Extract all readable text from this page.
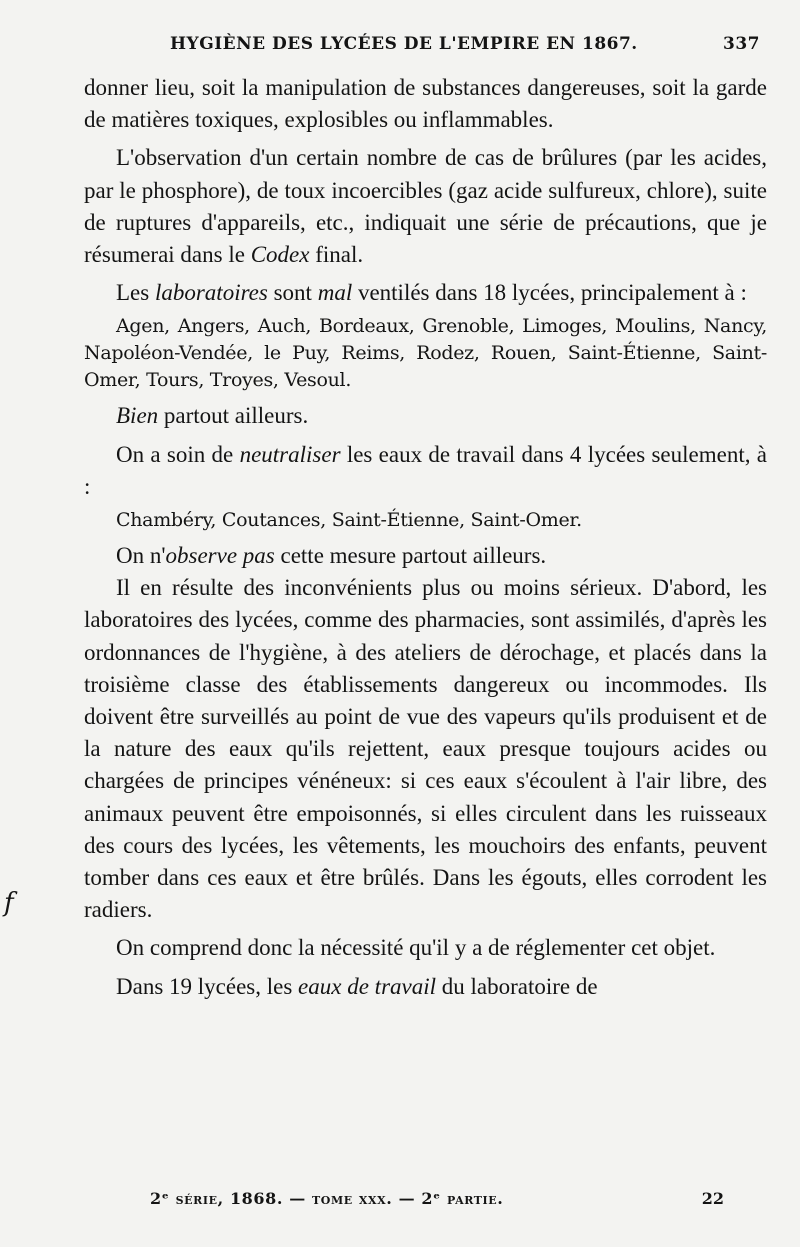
HYGIÈNE DES LYCÉES DE L'EMPIRE EN 1867.	337

donner lieu, soit la manipulation de substances dangereuses, soit la garde de matières toxiques, explosibles ou inflammables.

L'observation d'un certain nombre de cas de brûlures (par les acides, par le phosphore), de toux incoercibles (gaz acide sulfureux, chlore), suite de ruptures d'appareils, etc., indiquait une série de précautions, que je résumerai dans le Codex final.

Les laboratoires sont mal ventilés dans 18 lycées, principalement à :

Agen, Angers, Auch, Bordeaux, Grenoble, Limoges, Moulins, Nancy, Napoléon-Vendée, le Puy, Reims, Rodez, Rouen, Saint-Étienne, Saint-Omer, Tours, Troyes, Vesoul.

Bien partout ailleurs.

On a soin de neutraliser les eaux de travail dans 4 lycées seulement, à :

Chambéry, Coutances, Saint-Étienne, Saint-Omer.

On n'observe pas cette mesure partout ailleurs.

Il en résulte des inconvénients plus ou moins sérieux. D'abord, les laboratoires des lycées, comme des pharmacies, sont assimilés, d'après les ordonnances de l'hygiène, à des ateliers de dérochage, et placés dans la troisième classe des établissements dangereux ou incommodes. Ils doivent être surveillés au point de vue des vapeurs qu'ils produisent et de la nature des eaux qu'ils rejettent, eaux presque toujours acides ou chargées de principes vénéneux: si ces eaux s'écoulent à l'air libre, des animaux peuvent être empoisonnés, si elles circulent dans les ruisseaux des cours des lycées, les vêtements, les mouchoirs des enfants, peuvent tomber dans ces eaux et être brûlés. Dans les égouts, elles corrodent les radiers.

On comprend donc la nécessité qu'il y a de réglementer cet objet.

Dans 19 lycées, les eaux de travail du laboratoire de

f
2ᵉ série, 1868. — tome xxx. — 2ᵉ partie.	22
